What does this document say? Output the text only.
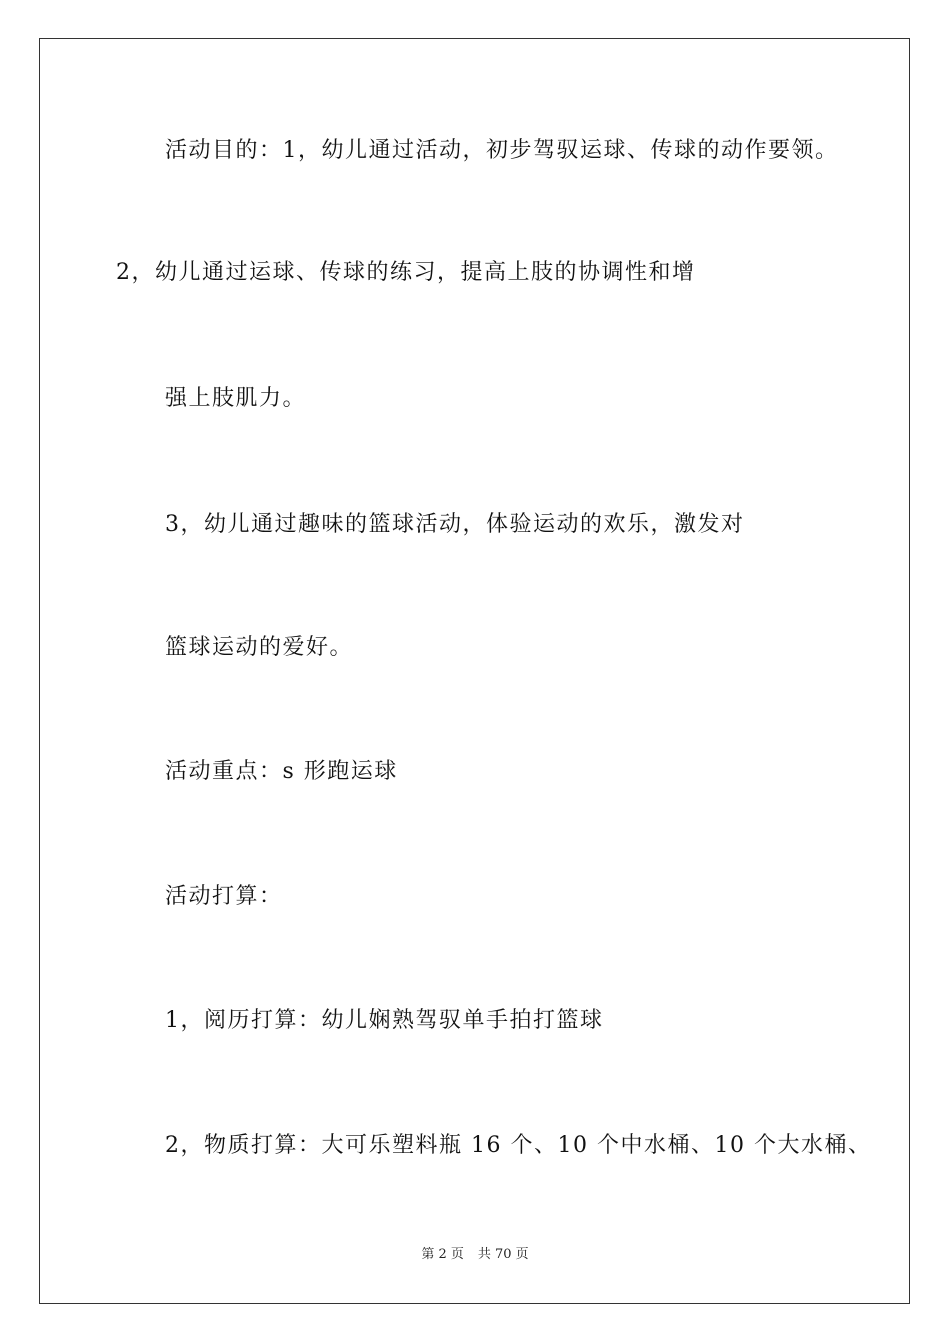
活动目的：1，幼儿通过活动，初步驾驭运球、传球的动作要领。
2，幼儿通过运球、传球的练习，提高上肢的协调性和增
强上肢肌力。
3，幼儿通过趣味的篮球活动，体验运动的欢乐，激发对
篮球运动的爱好。
活动重点：s 形跑运球
活动打算：
1，阅历打算：幼儿娴熟驾驭单手拍打篮球
2，物质打算：大可乐塑料瓶 16 个、10 个中水桶、10 个大水桶、
第 2 页 共 70 页
